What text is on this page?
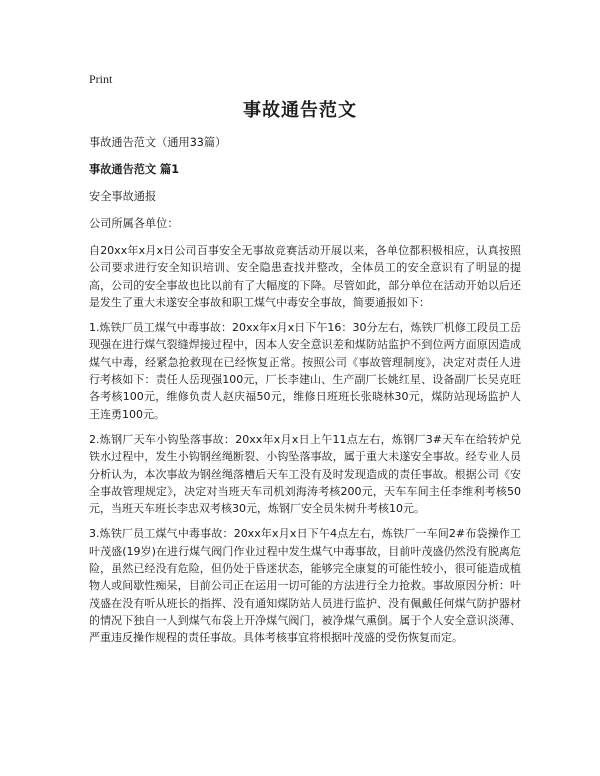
Print
事故通告范文

事故通告范文（通用33篇）

事故通告范文 篇1

安全事故通报

公司所属各单位：

自20xx年x月x日公司百事安全无事故竞赛活动开展以来，各单位都积极相应，认真按照公司要求进行安全知识培训、安全隐患查找并整改，全体员工的安全意识有了明显的提高，公司的安全事故也比以前有了大幅度的下降。尽管如此，部分单位在活动开始以后还是发生了重大未遂安全事故和职工煤气中毒安全事故，简要通报如下：

1.炼铁厂员工煤气中毒事故：20xx年x月x日下午16：30分左右，炼铁厂机修工段员工岳现强在进行煤气裂缝焊接过程中，因本人安全意识差和煤防站监护不到位两方面原因造成煤气中毒，经紧急抢救现在已经恢复正常。按照公司《事故管理制度》，决定对责任人进行考核如下：责任人岳现强100元，厂长李建山、生产副厂长姚红星、设备副厂长吴克旺各考核100元，维修负责人赵庆福50元，维修日班班长张晓林30元，煤防站现场监护人王连勇100元。

2.炼钢厂天车小钩坠落事故：20xx年x月x日上午11点左右，炼钢厂3#天车在给转炉兑铁水过程中，发生小钩钢丝绳断裂、小钩坠落事故，属于重大未遂安全事故。经专业人员分析认为，本次事故为钢丝绳落槽后天车工没有及时发现造成的责任事故。根据公司《安全事故管理规定》，决定对当班天车司机刘海涛考核200元，天车车间主任李维利考核50元，当班天车班长李忠双考核30元，炼钢厂安全员朱树升考核10元。

3.炼铁厂员工煤气中毒事故：20xx年x月x日下午4点左右，炼铁厂一车间2#布袋操作工叶茂盛(19岁)在进行煤气阀门作业过程中发生煤气中毒事故，目前叶茂盛仍然没有脱离危险，虽然已经没有危险，但仍处于昏迷状态，能够完全康复的可能性较小，很可能造成植物人或间歇性痴呆，目前公司正在运用一切可能的方法进行全力抢救。事故原因分析：叶茂盛在没有听从班长的指挥、没有通知煤防站人员进行监护、没有佩戴任何煤气防护器材的情况下独自一人到煤气布袋上开净煤气阀门，被净煤气熏倒。属于个人安全意识淡薄、严重违反操作规程的责任事故。具体考核事宜将根据叶茂盛的受伤恢复而定。
